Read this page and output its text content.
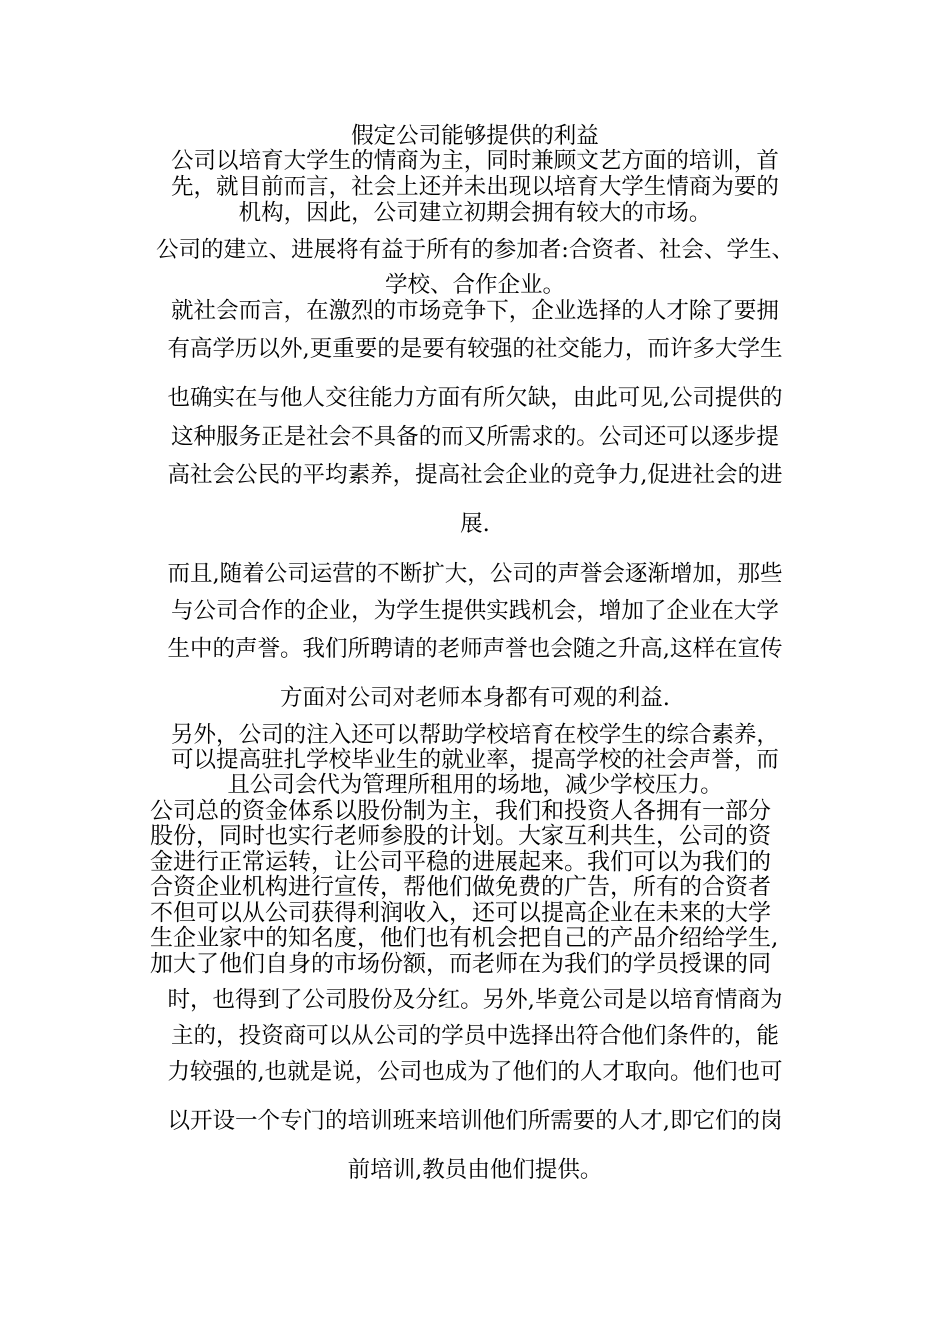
假定公司能够提供的利益
公司以培育大学生的情商为主，同时兼顾文艺方面的培训，首
先，就目前而言，社会上还并未出现以培育大学生情商为要的
机构，因此，公司建立初期会拥有较大的市场。
公司的建立、进展将有益于所有的参加者:合资者、社会、学生、
学校、合作企业。
就社会而言，在激烈的市场竞争下，企业选择的人才除了要拥
有高学历以外,更重要的是要有较强的社交能力，而许多大学生
也确实在与他人交往能力方面有所欠缺，由此可见,公司提供的
这种服务正是社会不具备的而又所需求的。公司还可以逐步提
高社会公民的平均素养，提高社会企业的竞争力,促进社会的进
展.
而且,随着公司运营的不断扩大，公司的声誉会逐渐增加，那些
与公司合作的企业，为学生提供实践机会，增加了企业在大学
生中的声誉。我们所聘请的老师声誉也会随之升高,这样在宣传
方面对公司对老师本身都有可观的利益.
另外，公司的注入还可以帮助学校培育在校学生的综合素养，
可以提高驻扎学校毕业生的就业率，提高学校的社会声誉，而
且公司会代为管理所租用的场地，减少学校压力。
公司总的资金体系以股份制为主，我们和投资人各拥有一部分
股份，同时也实行老师参股的计划。大家互利共生，公司的资
金进行正常运转，让公司平稳的进展起来。我们可以为我们的
合资企业机构进行宣传，帮他们做免费的广告，所有的合资者
不但可以从公司获得利润收入，还可以提高企业在未来的大学
生企业家中的知名度，他们也有机会把自己的产品介绍给学生,
加大了他们自身的市场份额，而老师在为我们的学员授课的同
时，也得到了公司股份及分红。另外,毕竟公司是以培育情商为
主的，投资商可以从公司的学员中选择出符合他们条件的，能
力较强的,也就是说，公司也成为了他们的人才取向。他们也可
以开设一个专门的培训班来培训他们所需要的人才,即它们的岗
前培训,教员由他们提供。
